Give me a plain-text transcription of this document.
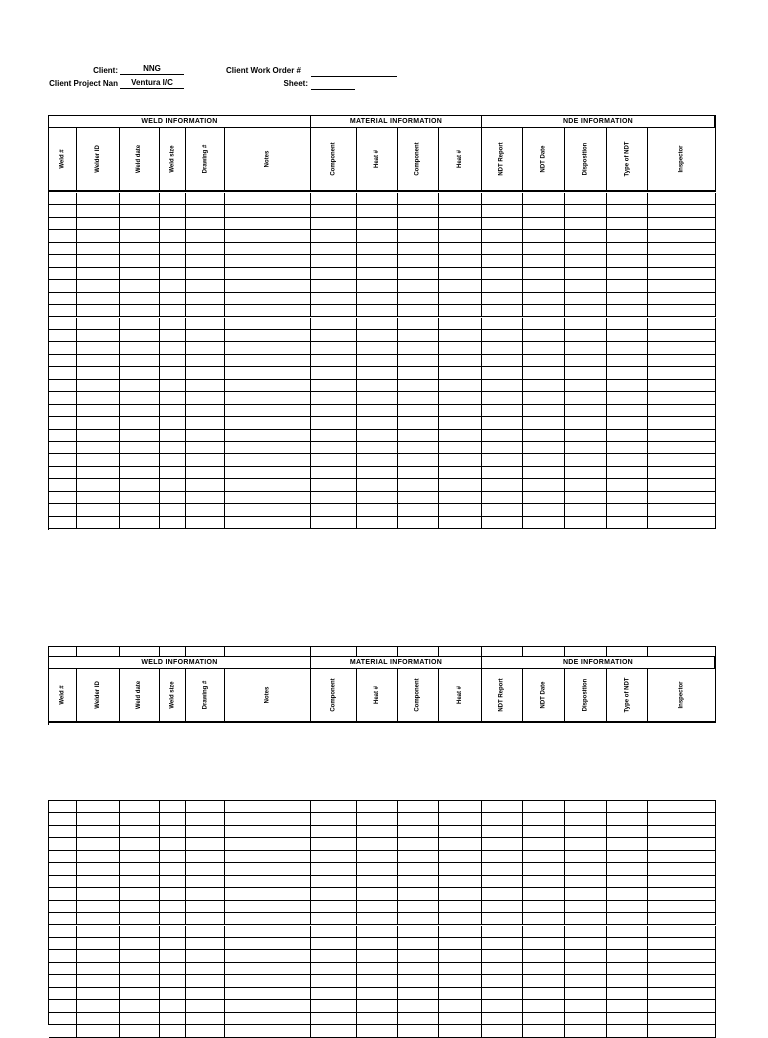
Client:	NNG
Client Project Nan	Ventura I/C
Client Work Order #
Sheet:
WELD INFORMATION	MATERIAL INFORMATION	NDE INFORMATION
Weld #	Welder ID	Weld date	Weld size	Drawing #	Notes	Component	Heat #	Component	Heat #	NDT Report	NDT Date	Disposition	Type of NDT	Inspector
WELD INFORMATION	MATERIAL INFORMATION	NDE INFORMATION
Weld #	Welder ID	Weld date	Weld size	Drawing #	Notes	Component	Heat #	Component	Heat #	NDT Report	NDT Date	Disposition	Type of NDT	Inspector
